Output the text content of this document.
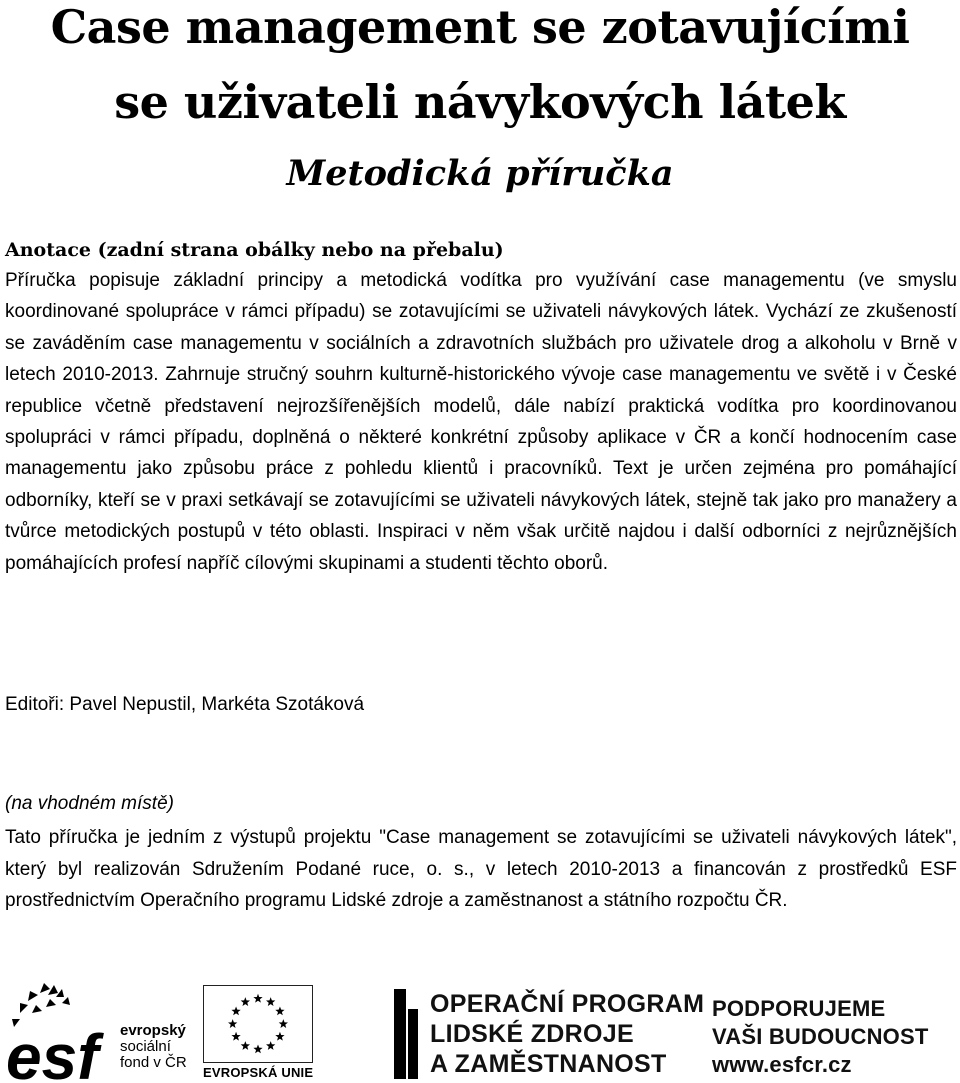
Case management se zotavujícími
se uživateli návykových látek
Metodická příručka
Anotace (zadní strana obálky nebo na přebalu)

Příručka popisuje základní principy a metodická vodítka pro využívání case managementu (ve smyslu koordinované spolupráce v rámci případu) se zotavujícími se uživateli návykových látek. Vychází ze zkušeností se zaváděním case managementu v sociálních a zdravotních službách pro uživatele drog a alkoholu v Brně v letech 2010-2013. Zahrnuje stručný souhrn kulturně-historického vývoje case managementu ve světě i v České republice včetně představení nejrozšířenějších modelů, dále nabízí praktická vodítka pro koordinovanou spolupráci v rámci případu, doplněná o některé konkrétní způsoby aplikace v ČR a končí hodnocením case managementu jako způsobu práce z pohledu klientů i pracovníků. Text je určen zejména pro pomáhající odborníky, kteří se v praxi setkávají se zotavujícími se uživateli návykových látek, stejně tak jako pro manažery a tvůrce metodických postupů v této oblasti. Inspiraci v něm však určitě najdou i další odborníci z nejrůznějších pomáhajících profesí napříč cílovými skupinami a studenti těchto oborů.

Editoři: Pavel Nepustil, Markéta Szotáková

(na vhodném místě)

Tato příručka je jedním z výstupů projektu "Case management se zotavujícími se uživateli návykových látek", který byl realizován Sdružením Podané ruce, o. s., v letech 2010-2013 a financován z prostředků ESF prostřednictvím Operačního programu Lidské zdroje a zaměstnanost a státního rozpočtu ČR.

esf	evropský
sociální
fond v ČR
EVROPSKÁ UNIE
OPERAČNÍ PROGRAM
LIDSKÉ ZDROJE
A ZAMĚSTNANOST
PODPORUJEME
VAŠI BUDOUCNOST
www.esfcr.cz
